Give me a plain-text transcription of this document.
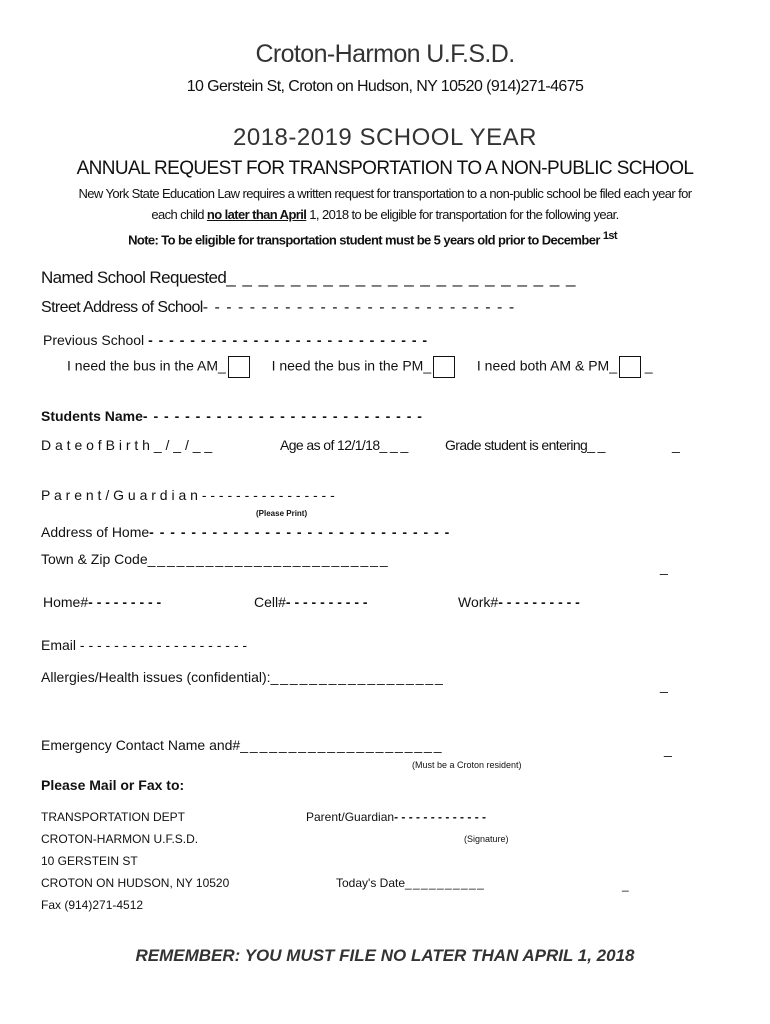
Croton-Harmon U.F.S.D.
10 Gerstein St, Croton on Hudson, NY 10520 (914)271-4675
2018-2019 SCHOOL YEAR
ANNUAL REQUEST FOR TRANSPORTATION TO A NON-PUBLIC SCHOOL
New York State Education Law requires a written request for transportation to a non-public school be filed each year for
each child no later than April 1, 2018 to be eligible for transportation for the following year.
Note: To be eligible for transportation student must be 5 years old prior to December $^{1st}$
Named School Requested_ _ _ _ _ _ _ _ _ _ _ _ _ _ _ _ _ _ _ _ _ _
Street Address of School- - - - - - - - - - - - - - - - - - - - - - - - - - -
Previous School - - - - - - - - - - - - - - - - - - - - - - - - - - -
I need the bus in the AM_	I need the bus in the PM_	I need both AM & PM_ _
Students Name- - - - - - - - - - - - - - - - - - - - - - - - - - -
D a t e o f B i r t h _ / _ / _ _	Age as of 12/1/18_ _ _	Grade student is entering_ _	_
P a r e n t / G u a r d i a n - - - - - - - - - - - - - - - -
(Please Print)
Address of Home- - - - - - - - - - - - - - - - - - - - - - - - - - - - -
Town & Zip Code_ _ _ _ _ _ _ _ _ _ _ _ _ _ _ _ _ _ _ _ _ _ _ _ _	_
Home#- - - - - - - - -	Cell#- - - - - - - - - -	Work#- - - - - - - - - -
Email - - - - - - - - - - - - - - - - - - - -
Allergies/Health issues (confidential):_ _ _ _ _ _ _ _ _ _ _ _ _ _ _ _ _ _	_
Emergency Contact Name and#_ _ _ _ _ _ _ _ _ _ _ _ _ _ _ _ _ _ _ _ _	_
(Must be a Croton resident)
Please Mail or Fax to:
TRANSPORTATION DEPT
CROTON-HARMON U.F.S.D.
10 GERSTEIN ST
CROTON ON HUDSON, NY 10520
Fax (914)271-4512
Parent/Guardian- - - - - - - - - - - - -
(Signature)
Today's Date_ _ _ _ _ _ _ _ _ _	_
REMEMBER: YOU MUST FILE NO LATER THAN APRIL 1, 2018
